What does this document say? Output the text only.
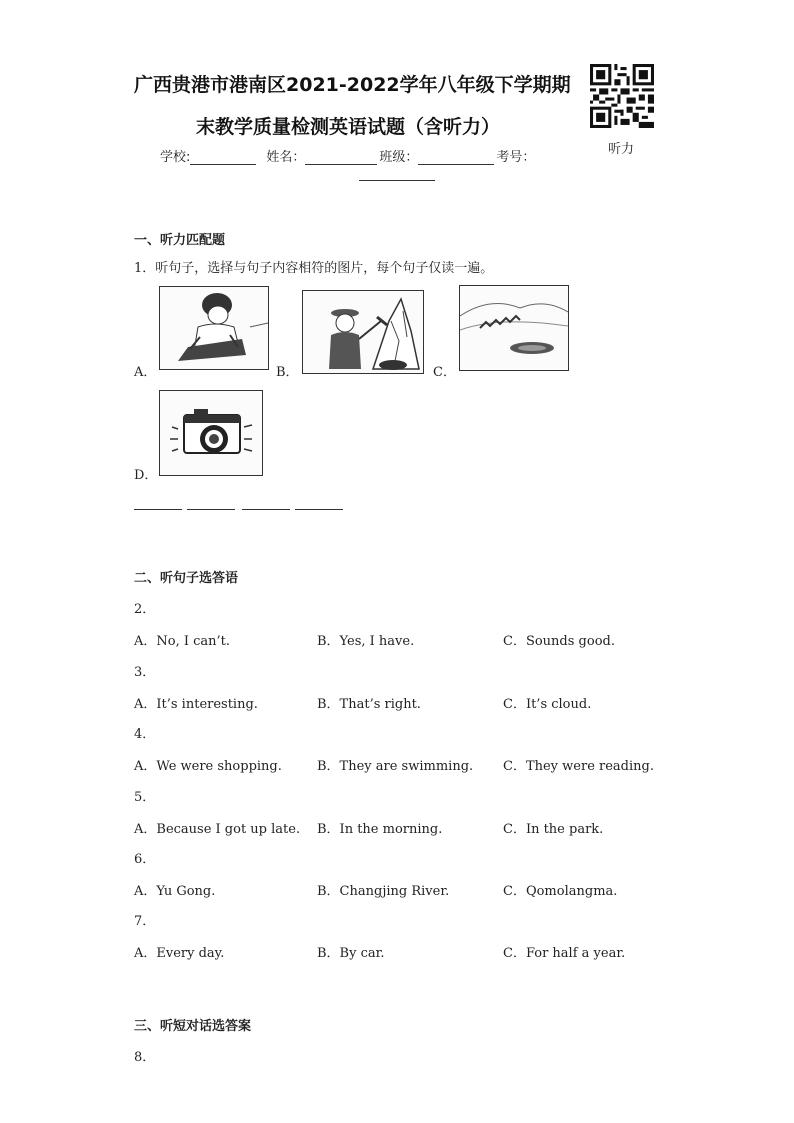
广西贵港市港南区2021-2022学年八年级下学期期
末教学质量检测英语试题（含听力）
听力
学校:	姓名：	班级：	考号：
一、听力匹配题
1．听句子，选择与句子内容相符的图片，每个句子仅读一遍。
A．	B．	C．
D．
二、听句子选答语
2．
A．No, I can’t.	B．Yes, I have.	C．Sounds good.
3．
A．It’s interesting.	B．That’s right.	C．It’s cloud.
4．
A．We were shopping.	B．They are swimming. C．They were reading.
5．
A．Because I got up late. B．In the morning.	C．In the park.
6．
A．Yu Gong.	B．Changjing River.	C．Qomolangma.
7．
A．Every day.	B．By car.	C．For half a year.
三、听短对话选答案
8．
